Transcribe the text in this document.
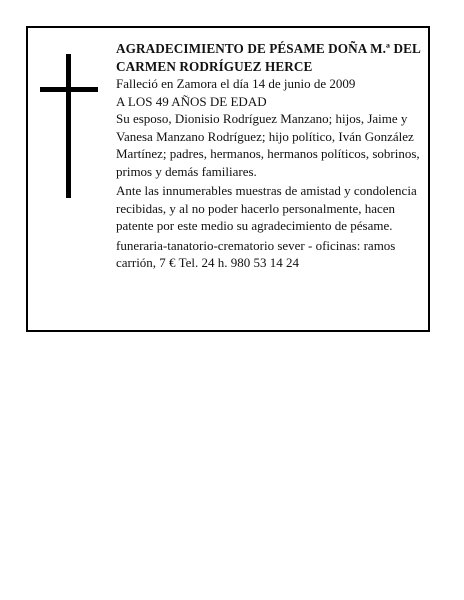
AGRADECIMIENTO DE PÉSAME DOÑA M.ª DEL CARMEN RODRÍGUEZ HERCE

Falleció en Zamora el día 14 de junio de 2009

A LOS 49 AÑOS DE EDAD

Su esposo, Dionisio Rodríguez Manzano; hijos, Jaime y Vanesa Manzano Rodríguez; hijo político, Iván González Martínez; padres, hermanos, hermanos políticos, sobrinos, primos y demás familiares.

Ante las innumerables muestras de amistad y condolencia recibidas, y al no poder hacerlo personalmente, hacen patente por este medio su agradecimiento de pésame.

funeraria-tanatorio-crematorio sever - oficinas: ramos carrión, 7 € Tel. 24 h. 980 53 14 24
